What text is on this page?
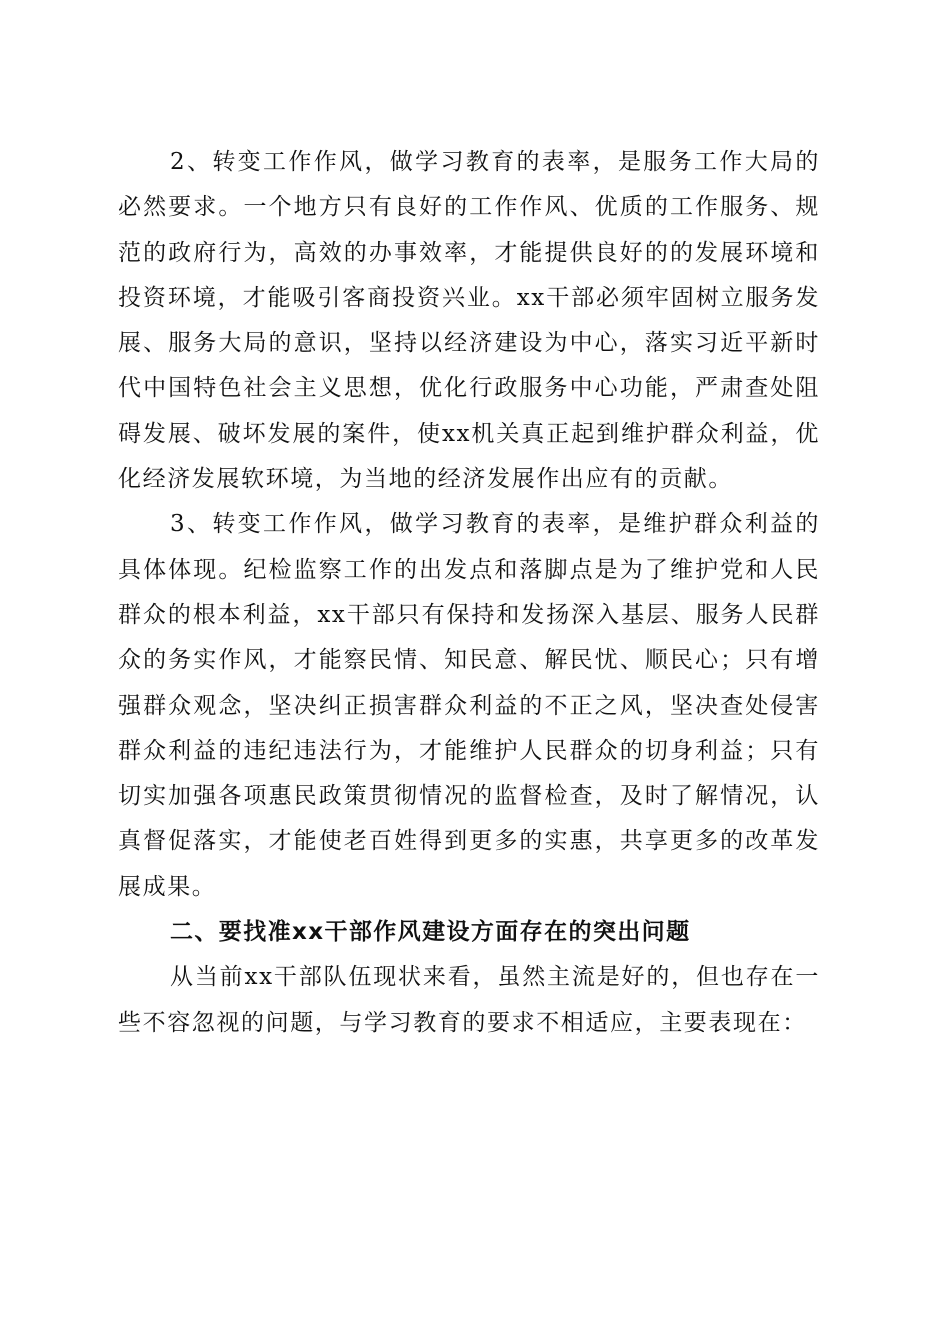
2、转变工作作风，做学习教育的表率，是服务工作大局的必然要求。一个地方只有良好的工作作风、优质的工作服务、规范的政府行为，高效的办事效率，才能提供良好的的发展环境和投资环境，才能吸引客商投资兴业。xx干部必须牢固树立服务发展、服务大局的意识，坚持以经济建设为中心，落实习近平新时代中国特色社会主义思想，优化行政服务中心功能，严肃查处阻碍发展、破坏发展的案件，使xx机关真正起到维护群众利益，优化经济发展软环境，为当地的经济发展作出应有的贡献。

3、转变工作作风，做学习教育的表率，是维护群众利益的具体体现。纪检监察工作的出发点和落脚点是为了维护党和人民群众的根本利益，xx干部只有保持和发扬深入基层、服务人民群众的务实作风，才能察民情、知民意、解民忧、顺民心；只有增强群众观念，坚决纠正损害群众利益的不正之风，坚决查处侵害群众利益的违纪违法行为，才能维护人民群众的切身利益；只有切实加强各项惠民政策贯彻情况的监督检查，及时了解情况，认真督促落实，才能使老百姓得到更多的实惠，共享更多的改革发展成果。

二、要找准xx干部作风建设方面存在的突出问题

从当前xx干部队伍现状来看，虽然主流是好的，但也存在一些不容忽视的问题，与学习教育的要求不相适应，主要表现在：
